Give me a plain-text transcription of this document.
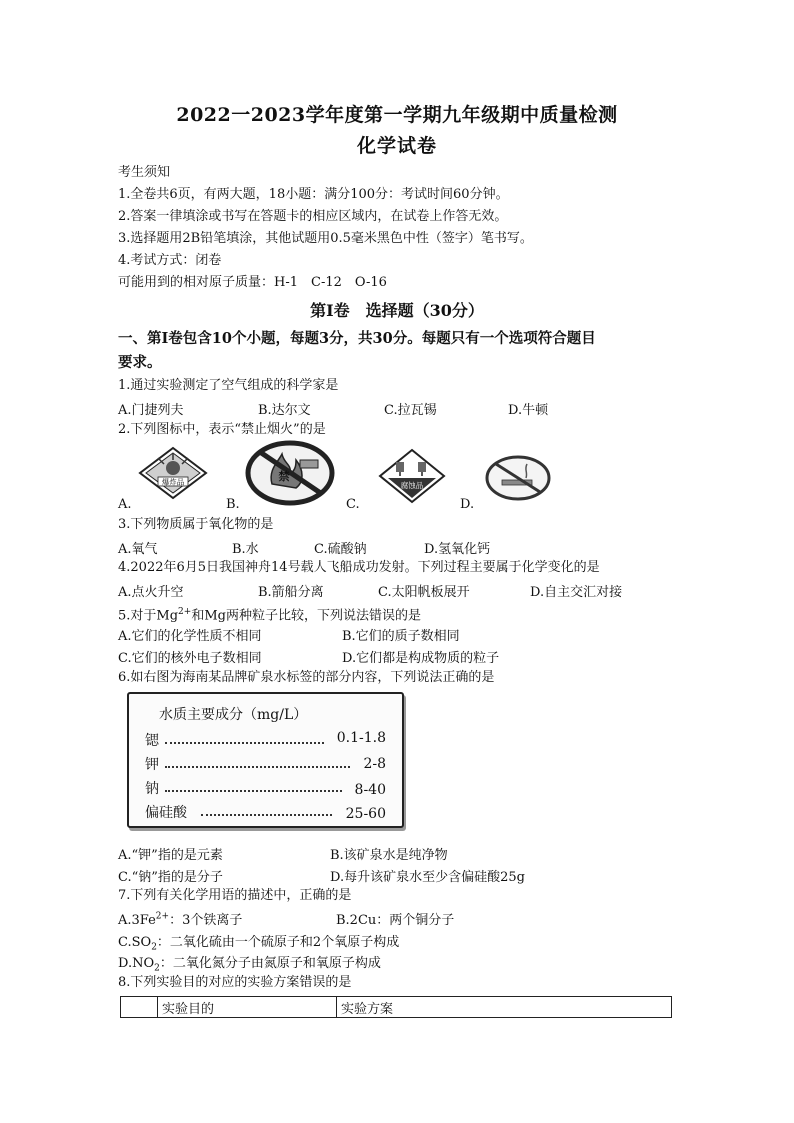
2022一2023学年度第一学期九年级期中质量检测
化学试卷
考生须知
1.全卷共6页，有两大题，18小题：满分100分：考试时间60分钟。
2.答案一律填涂或书写在答题卡的相应区域内，在试卷上作答无效。
3.选择题用2B铅笔填涂，其他试题用0.5毫米黑色中性（签字）笔书写。
4.考试方式：闭卷
可能用到的相对原子质量：H-1　C-12　O-16
第I卷　选择题（30分）
一、第I卷包含10个小题，每题3分，共30分。每题只有一个选项符合题目
要求。
1.通过实验测定了空气组成的科学家是
A.门捷列夫	B.达尔文	C.拉瓦锡	D.牛顿
2.下列图标中，表示“禁止烟火”的是
A.
爆炸品
B.
禁
C.
腐蚀品
D.
3.下列物质属于氧化物的是
A.氧气	B.水	C.硫酸钠	D.氢氧化钙
4.2022年6月5日我国神舟14号载人飞船成功发射。下列过程主要属于化学变化的是
A.点火升空	B.箭船分离	C.太阳帆板展开	D.自主交汇对接
5.对于$Mg^{2+}$和Mg两种粒子比较，下列说法错误的是
A.它们的化学性质不相同	B.它们的质子数相同
C.它们的核外电子数相同	D.它们都是构成物质的粒子
6.如右图为海南某品牌矿泉水标签的部分内容，下列说法正确的是
水质主要成分（mg/L）
锶	0.1-1.8
钾	2-8
钠	8-40
偏硅酸	25-60
A.“钾”指的是元素	B.该矿泉水是纯净物
C.“钠”指的是分子	D.每升该矿泉水至少含偏硅酸25g
7.下列有关化学用语的描述中，正确的是
$A.3Fe^{2+}$：3个铁离子	B.2Cu：两个铜分子
$C.SO_2$：二氧化硫由一个硫原子和2个氧原子构成
$D.NO_2$：二氧化氮分子由氮原子和氧原子构成
8.下列实验目的对应的实验方案错误的是
	实验目的	实验方案
